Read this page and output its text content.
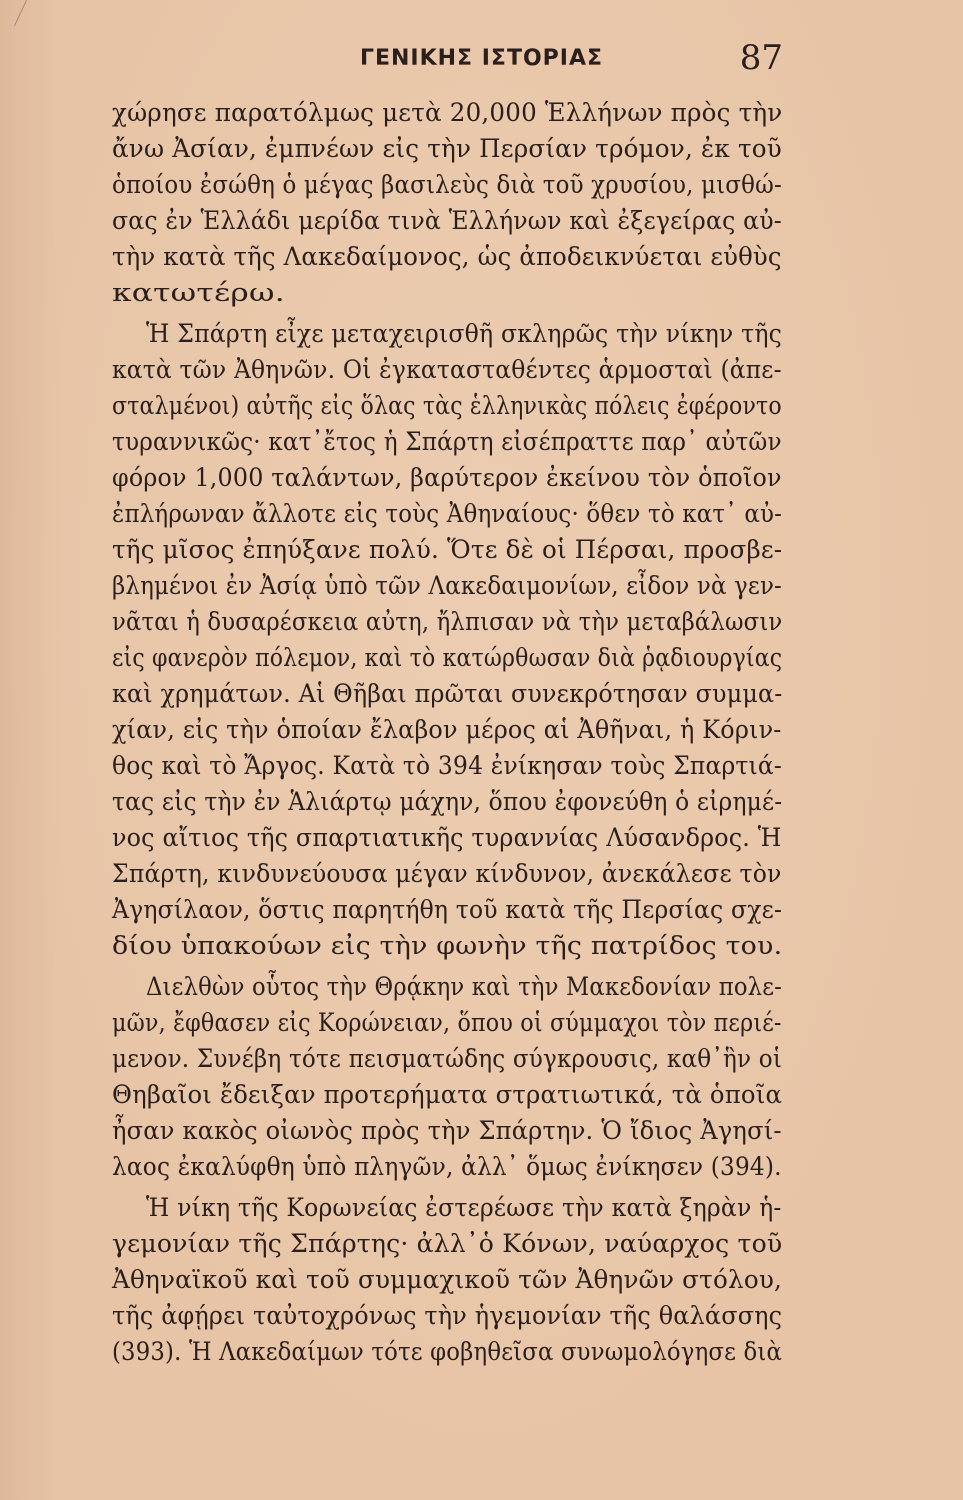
ΓΕΝΙΚΗΣ ΙΣΤΟΡΙΑΣ	87
χώρησε παρατόλμως μετὰ 20,000 Ἑλλήνων πρὸς τὴν
ἄνω Ἀσίαν, ἐμπνέων εἰς τὴν Περσίαν τρόμον, ἐκ τοῦ
ὁποίου ἐσώθη ὁ μέγας βασιλεὺς διὰ τοῦ χρυσίου, μισθώ-
σας ἐν Ἑλλάδι μερίδα τινὰ Ἑλλήνων καὶ ἐξεγείρας αὐ-
τὴν κατὰ τῆς Λακεδαίμονος, ὡς ἀποδεικνύεται εὐθὺς
κατωτέρω.
Ἡ Σπάρτη εἶχε μεταχειρισθῆ σκληρῶς τὴν νίκην τῆς
κατὰ τῶν Ἀθηνῶν. Οἱ ἐγκατασταθέντες ἁρμοσταὶ (ἀπε-
σταλμένοι) αὐτῆς εἰς ὅλας τὰς ἑλληνικὰς πόλεις ἐφέροντο
τυραννικῶς· κατ᾽ἔτος ἡ Σπάρτη εἰσέπραττε παρ᾽ αὐτῶν
φόρον 1,000 ταλάντων, βαρύτερον ἐκείνου τὸν ὁποῖον
ἐπλήρωναν ἄλλοτε εἰς τοὺς Ἀθηναίους· ὅθεν τὸ κατ᾽ αὐ-
τῆς μῖσος ἐπηύξανε πολύ. Ὅτε δὲ οἱ Πέρσαι, προσβε-
βλημένοι ἐν Ἀσίᾳ ὑπὸ τῶν Λακεδαιμονίων, εἶδον νὰ γεν-
νᾶται ἡ δυσαρέσκεια αὐτη, ἤλπισαν νὰ τὴν μεταβάλωσιν
εἰς φανερὸν πόλεμον, καὶ τὸ κατώρθωσαν διὰ ῥᾳδιουργίας
καὶ χρημάτων. Αἱ Θῆβαι πρῶται συνεκρότησαν συμμα-
χίαν, εἰς τὴν ὁποίαν ἔλαβον μέρος αἱ Ἀθῆναι, ἡ Κόριν-
θος καὶ τὸ Ἄργος. Κατὰ τὸ 394 ἐνίκησαν τοὺς Σπαρτιά-
τας εἰς τὴν ἐν Ἁλιάρτῳ μάχην, ὅπου ἐφονεύθη ὁ εἰρημέ-
νος αἴτιος τῆς σπαρτιατικῆς τυραννίας Λύσανδρος. Ἡ
Σπάρτη, κινδυνεύουσα μέγαν κίνδυνον, ἀνεκάλεσε τὸν
Ἀγησίλαον, ὅστις παρητήθη τοῦ κατὰ τῆς Περσίας σχε-
δίου ὑπακούων εἰς τὴν φωνὴν τῆς πατρίδος του.
Διελθὼν οὗτος τὴν Θρᾴκην καὶ τὴν Μακεδονίαν πολε-
μῶν, ἔφθασεν εἰς Κορώνειαν, ὅπου οἱ σύμμαχοι τὸν περιέ-
μενον. Συνέβη τότε πεισματώδης σύγκρουσις, καθ᾽ἣν οἱ
Θηβαῖοι ἔδειξαν προτερήματα στρατιωτικά, τὰ ὁποῖα
ἦσαν κακὸς οἰωνὸς πρὸς τὴν Σπάρτην. Ὁ ἴδιος Ἀγησί-
λαος ἐκαλύφθη ὑπὸ πληγῶν, ἀλλ᾽ ὅμως ἐνίκησεν (394).
Ἡ νίκη τῆς Κορωνείας ἐστερέωσε τὴν κατὰ ξηρὰν ἡ-
γεμονίαν τῆς Σπάρτης· ἀλλ᾽ὁ Κόνων, ναύαρχος τοῦ
Ἀθηναϊκοῦ καὶ τοῦ συμμαχικοῦ τῶν Ἀθηνῶν στόλου,
τῆς ἀφῄρει ταὐτοχρόνως τὴν ἡγεμονίαν τῆς θαλάσσης
(393). Ἡ Λακεδαίμων τότε φοβηθεῖσα συνωμολόγησε διὰ
